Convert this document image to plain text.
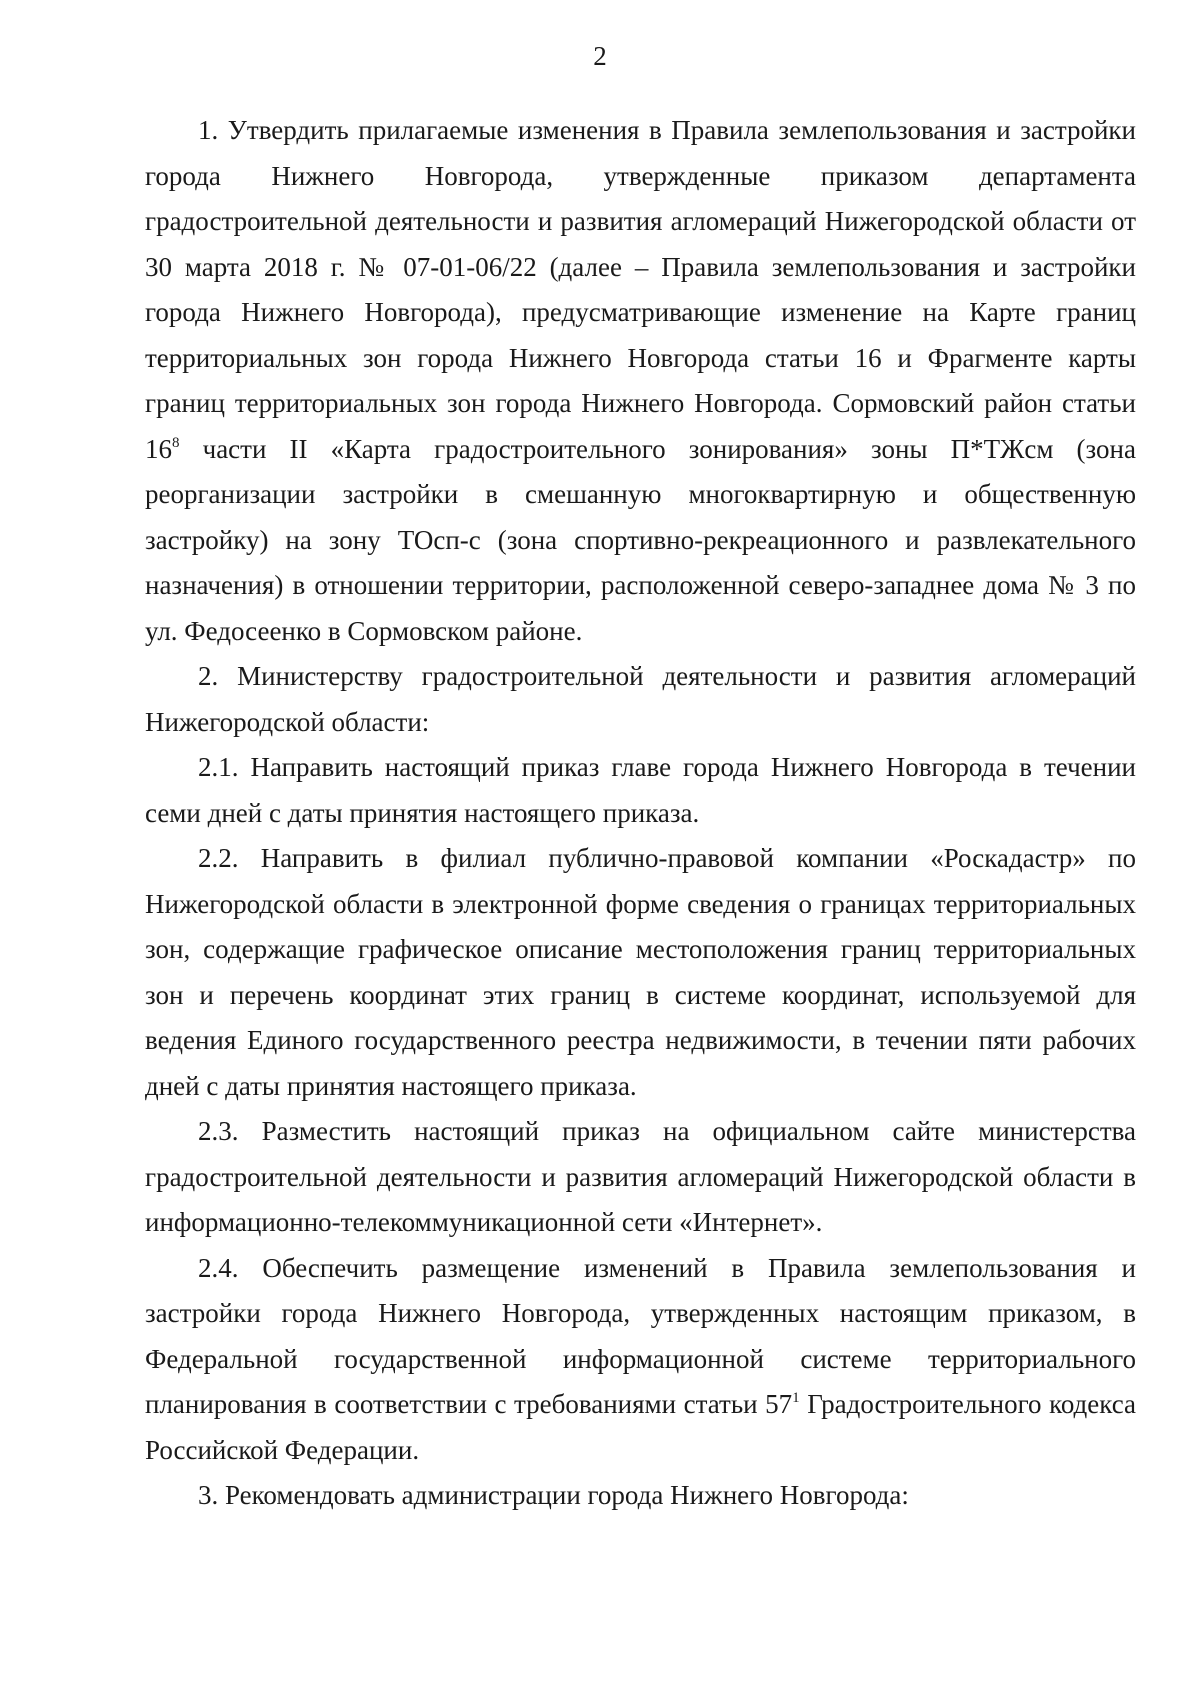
2

1. Утвердить прилагаемые изменения в Правила землепользования и застройки города Нижнего Новгорода, утвержденные приказом департамента градостроительной деятельности и развития агломераций Нижегородской области от 30 марта 2018 г. № 07-01-06/22 (далее – Правила землепользования и застройки города Нижнего Новгорода), предусматривающие изменение на Карте границ территориальных зон города Нижнего Новгорода статьи 16 и Фрагменте карты границ территориальных зон города Нижнего Новгорода. Сормовский район статьи $16^8$ части II «Карта градостроительного зонирования» зоны П*ТЖсм (зона реорганизации застройки в смешанную многоквартирную и общественную застройку) на зону ТОсп-с (зона спортивно-рекреационного и развлекательного назначения) в отношении территории, расположенной северо-западнее дома № 3 по ул. Федосеенко в Сормовском районе.

2. Министерству градостроительной деятельности и развития агломераций Нижегородской области:

2.1. Направить настоящий приказ главе города Нижнего Новгорода в течении семи дней с даты принятия настоящего приказа.

2.2. Направить в филиал публично-правовой компании «Роскадастр» по Нижегородской области в электронной форме сведения о границах территориальных зон, содержащие графическое описание местоположения границ территориальных зон и перечень координат этих границ в системе координат, используемой для ведения Единого государственного реестра недвижимости, в течении пяти рабочих дней с даты принятия настоящего приказа.

2.3. Разместить настоящий приказ на официальном сайте министерства градостроительной деятельности и развития агломераций Нижегородской области в информационно-телекоммуникационной сети «Интернет».

2.4. Обеспечить размещение изменений в Правила землепользования и застройки города Нижнего Новгорода, утвержденных настоящим приказом, в Федеральной государственной информационной системе территориального планирования в соответствии с требованиями статьи $57^1$ Градостроительного кодекса Российской Федерации.

3. Рекомендовать администрации города Нижнего Новгорода:
